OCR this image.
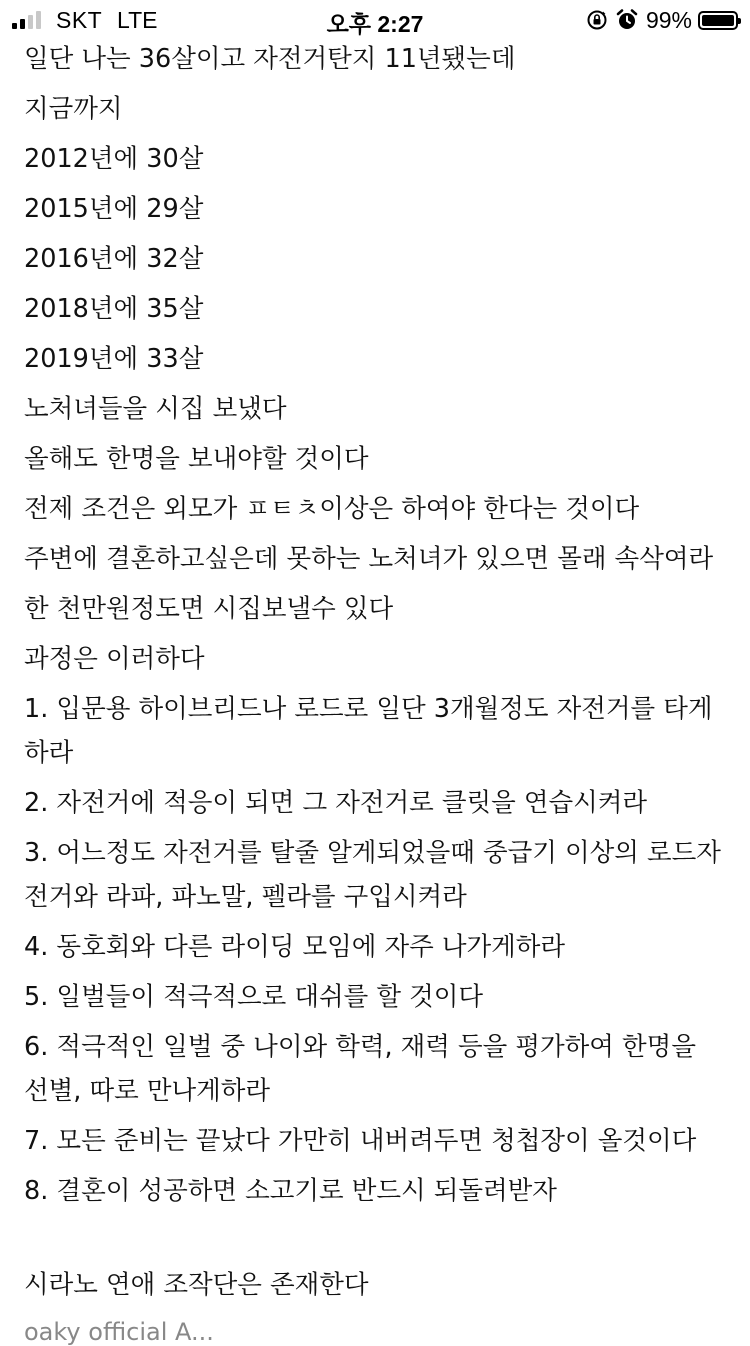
SKT LTE	오후 2:27	99%

일단 나는 36살이고 자전거탄지 11년됐는데

지금까지

2012년에 30살

2015년에 29살

2016년에 32살

2018년에 35살

2019년에 33살

노처녀들을 시집 보냈다

올해도 한명을 보내야할 것이다

전제 조건은 외모가 ㅍㅌㅊ이상은 하여야 한다는 것이다

주변에 결혼하고싶은데 못하는 노처녀가 있으면 몰래 속삭여라

한 천만원정도면 시집보낼수 있다

과정은 이러하다

1. 입문용 하이브리드나 로드로 일단 3개월정도 자전거를 타게하라

2. 자전거에 적응이 되면 그 자전거로 클릿을 연습시켜라

3. 어느정도 자전거를 탈줄 알게되었을때 중급기 이상의 로드자전거와 라파, 파노말, 펠라를 구입시켜라

4. 동호회와 다른 라이딩 모임에 자주 나가게하라

5. 일벌들이 적극적으로 대쉬를 할 것이다

6. 적극적인 일벌 중 나이와 학력, 재력 등을 평가하여 한명을 선별, 따로 만나게하라

7. 모든 준비는 끝났다 가만히 내버려두면 청첩장이 올것이다

8. 결혼이 성공하면 소고기로 반드시 되돌려받자

시라노 연애 조작단은 존재한다

oaky official A...
